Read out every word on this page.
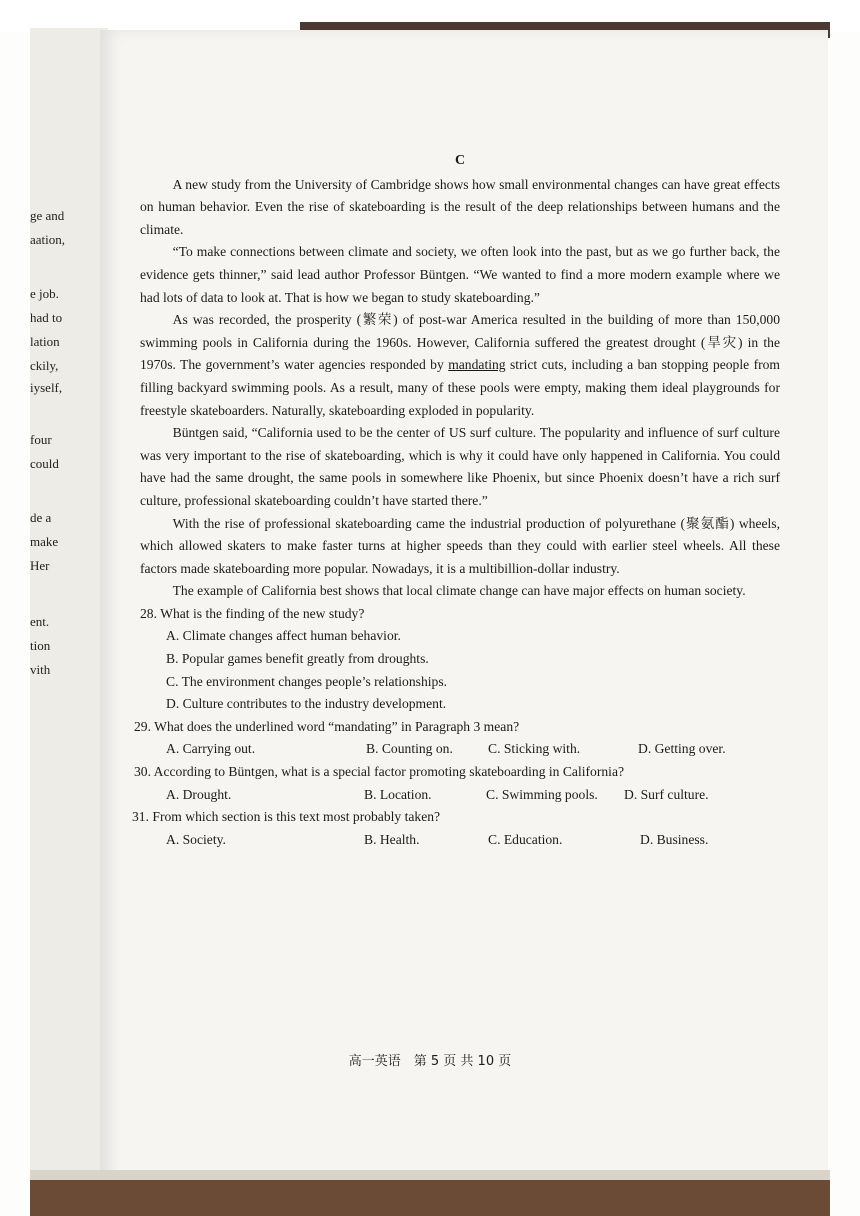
ge and
aation,
e job.
had to
lation
ckily,
iyself,
four
could
de a
make
Her
ent.
tion
vith

C

A new study from the University of Cambridge shows how small environmental changes can have great effects on human behavior. Even the rise of skateboarding is the result of the deep relationships between humans and the climate.

“To make connections between climate and society, we often look into the past, but as we go further back, the evidence gets thinner,” said lead author Professor Büntgen. “We wanted to find a more modern example where we had lots of data to look at. That is how we began to study skateboarding.”

As was recorded, the prosperity (繁荣) of post-war America resulted in the building of more than 150,000 swimming pools in California during the 1960s. However, California suffered the greatest drought (旱灾) in the 1970s. The government’s water agencies responded by mandating strict cuts, including a ban stopping people from filling backyard swimming pools. As a result, many of these pools were empty, making them ideal playgrounds for freestyle skateboarders. Naturally, skateboarding exploded in popularity.

Büntgen said, “California used to be the center of US surf culture. The popularity and influence of surf culture was very important to the rise of skateboarding, which is why it could have only happened in California. You could have had the same drought, the same pools in somewhere like Phoenix, but since Phoenix doesn’t have a rich surf culture, professional skateboarding couldn’t have started there.”

With the rise of professional skateboarding came the industrial production of polyurethane (聚氨酯) wheels, which allowed skaters to make faster turns at higher speeds than they could with earlier steel wheels. All these factors made skateboarding more popular. Nowadays, it is a multibillion-dollar industry.

The example of California best shows that local climate change can have major effects on human society.

28. What is the finding of the new study?

A. Climate changes affect human behavior.

B. Popular games benefit greatly from droughts.

C. The environment changes people’s relationships.

D. Culture contributes to the industry development.

29. What does the underlined word “mandating” in Paragraph 3 mean?

A. Carrying out.	B. Counting on.	C. Sticking with.	D. Getting over.

30. According to Büntgen, what is a special factor promoting skateboarding in California?

A. Drought.	B. Location.	C. Swimming pools.	D. Surf culture.

31. From which section is this text most probably taken?

A. Society.	B. Health.	C. Education.	D. Business.
高一英语　第 5 页 共 10 页
